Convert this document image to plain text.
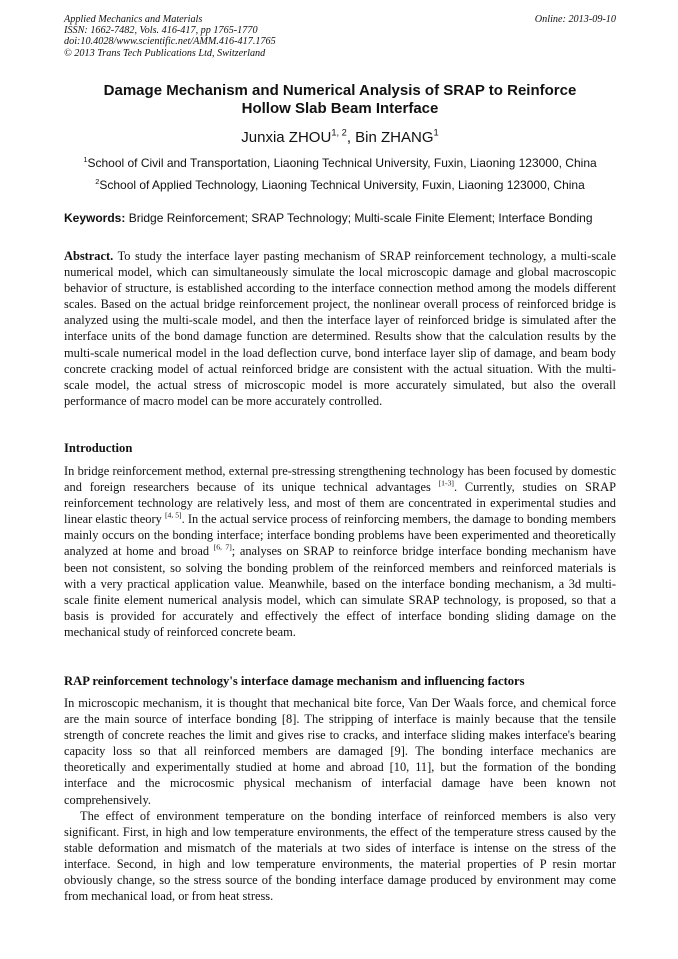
Applied Mechanics and Materials
ISSN: 1662-7482, Vols. 416-417, pp 1765-1770
doi:10.4028/www.scientific.net/AMM.416-417.1765
© 2013 Trans Tech Publications Ltd, Switzerland
Online: 2013-09-10
Damage Mechanism and Numerical Analysis of SRAP to Reinforce
Hollow Slab Beam Interface
Junxia ZHOU$^{1, 2}$, Bin ZHANG$^1$
$^1$School of Civil and Transportation, Liaoning Technical University, Fuxin, Liaoning 123000, China
$^2$School of Applied Technology, Liaoning Technical University, Fuxin, Liaoning 123000, China
Keywords: Bridge Reinforcement; SRAP Technology; Multi-scale Finite Element; Interface Bonding
Abstract. To study the interface layer pasting mechanism of SRAP reinforcement technology, a multi-scale numerical model, which can simultaneously simulate the local microscopic damage and global macroscopic behavior of structure, is established according to the interface connection method among the models different scales. Based on the actual bridge reinforcement project, the nonlinear overall process of reinforced bridge is analyzed using the multi-scale model, and then the interface layer of reinforced bridge is simulated after the interface units of the bond damage function are determined. Results show that the calculation results by the multi-scale numerical model in the load deflection curve, bond interface layer slip of damage, and beam body concrete cracking model of actual reinforced bridge are consistent with the actual situation. With the multi-scale model, the actual stress of microscopic model is more accurately simulated, but also the overall performance of macro model can be more accurately controlled.
Introduction
In bridge reinforcement method, external pre-stressing strengthening technology has been focused by domestic and foreign researchers because of its unique technical advantages [1-3]. Currently, studies on SRAP reinforcement technology are relatively less, and most of them are concentrated in experimental studies and linear elastic theory [4, 5]. In the actual service process of reinforcing members, the damage to bonding members mainly occurs on the bonding interface; interface bonding problems have been experimented and theoretically analyzed at home and broad [6, 7]; analyses on SRAP to reinforce bridge interface bonding mechanism have been not consistent, so solving the bonding problem of the reinforced members and reinforced materials is with a very practical application value. Meanwhile, based on the interface bonding mechanism, a 3d multi-scale finite element numerical analysis model, which can simulate SRAP technology, is proposed, so that a basis is provided for accurately and effectively the effect of interface bonding sliding damage on the mechanical study of reinforced concrete beam.
RAP reinforcement technology's interface damage mechanism and influencing factors
In microscopic mechanism, it is thought that mechanical bite force, Van Der Waals force, and chemical force are the main source of interface bonding [8]. The stripping of interface is mainly because that the tensile strength of concrete reaches the limit and gives rise to cracks, and interface sliding makes interface's bearing capacity loss so that all reinforced members are damaged [9]. The bonding interface mechanics are theoretically and experimentally studied at home and abroad [10, 11], but the formation of the bonding interface and the microcosmic physical mechanism of interfacial damage have been known not comprehensively.
The effect of environment temperature on the bonding interface of reinforced members is also very significant. First, in high and low temperature environments, the effect of the temperature stress caused by the stable deformation and mismatch of the materials at two sides of interface is intense on the stress of the interface. Second, in high and low temperature environments, the material properties of P resin mortar obviously change, so the stress source of the bonding interface damage produced by environment may come from mechanical load, or from heat stress.
